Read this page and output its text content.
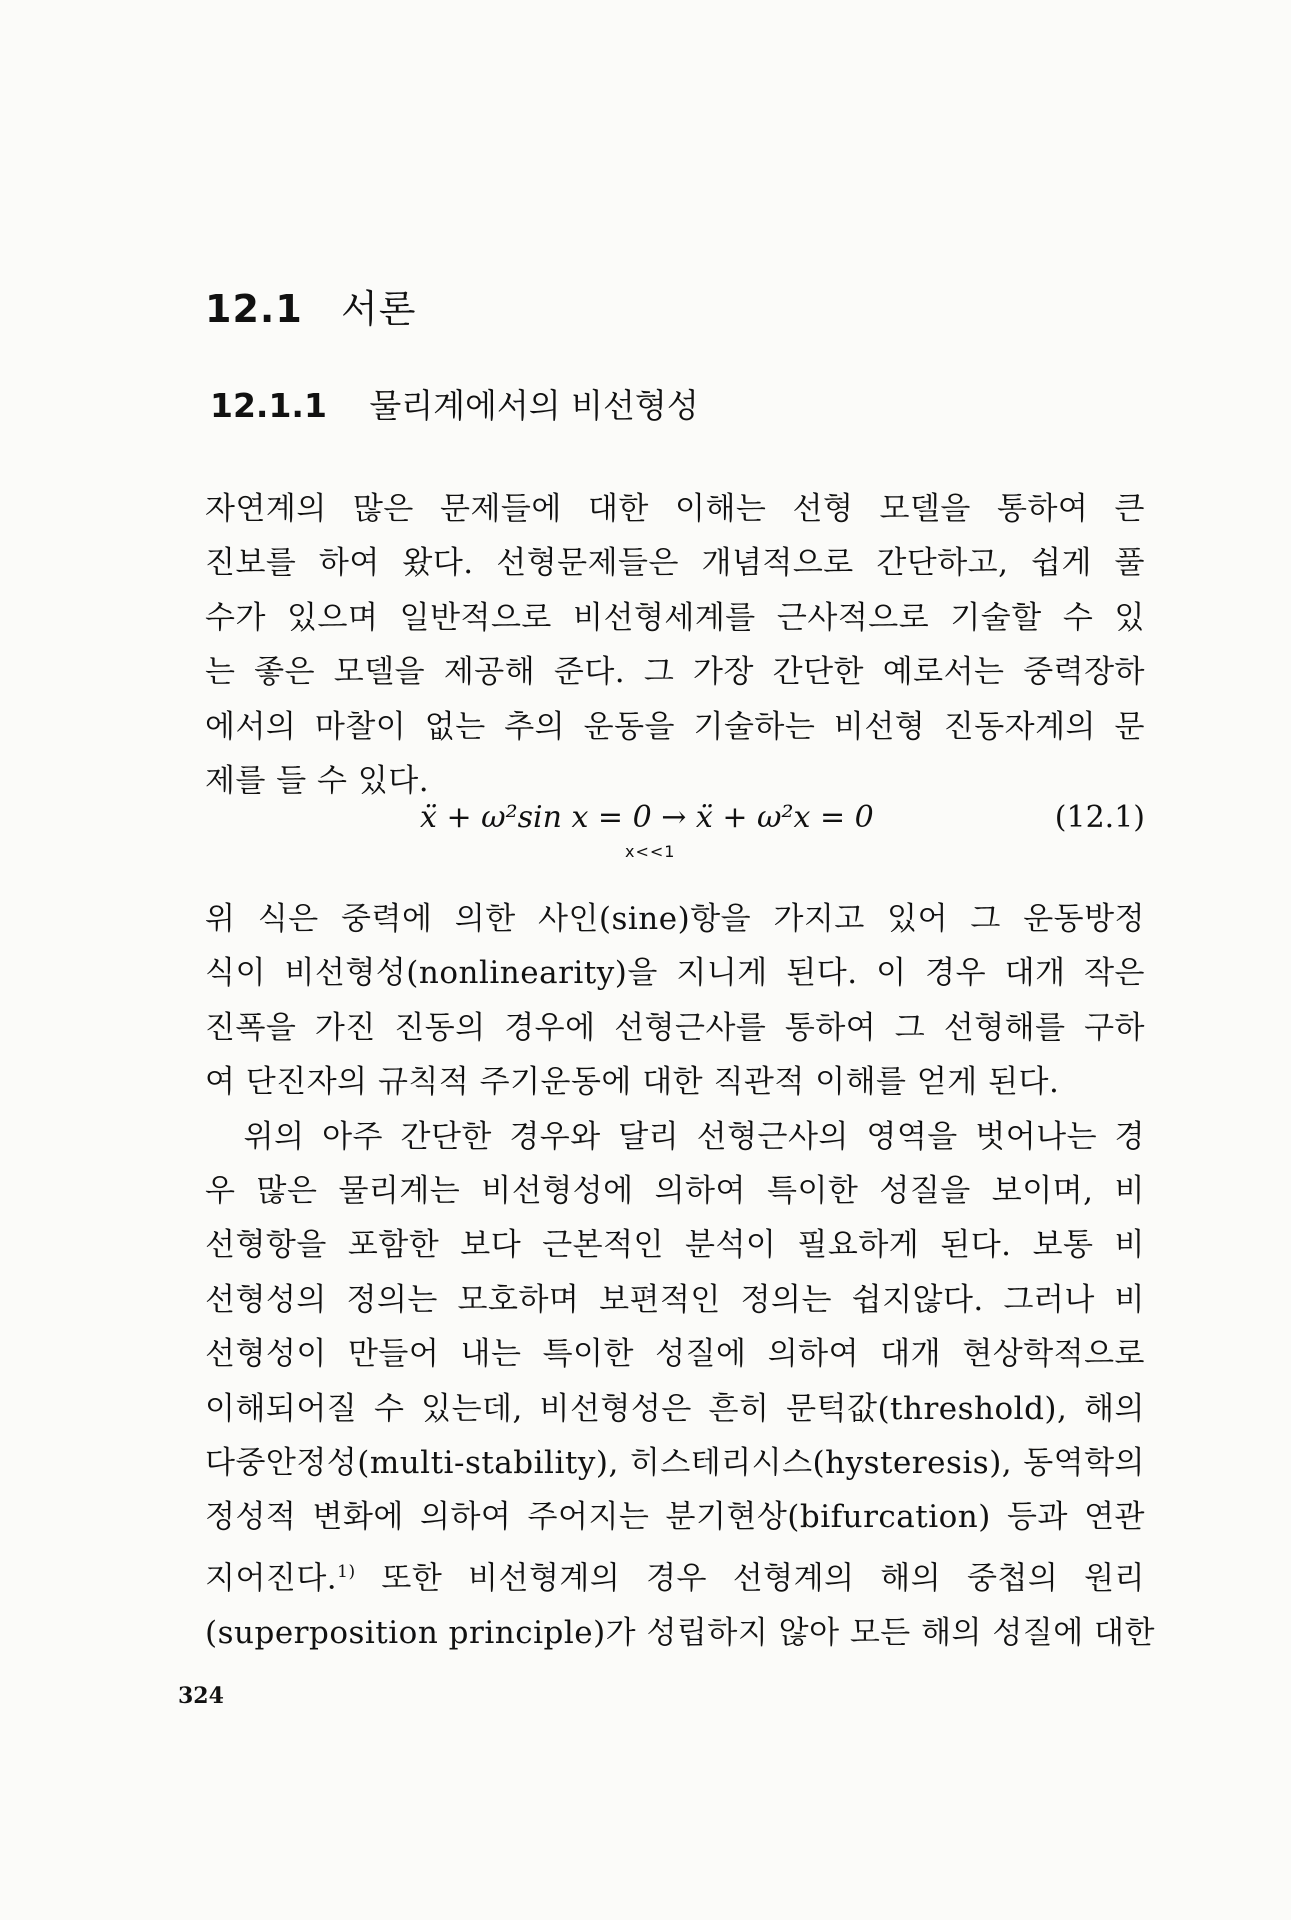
12.1 서론
12.1.1 물리계에서의 비선형성
자연계의 많은 문제들에 대한 이해는 선형 모델을 통하여 큰
진보를 하여 왔다. 선형문제들은 개념적으로 간단하고, 쉽게 풀
수가 있으며 일반적으로 비선형세계를 근사적으로 기술할 수 있
는 좋은 모델을 제공해 준다. 그 가장 간단한 예로서는 중력장하
에서의 마찰이 없는 추의 운동을 기술하는 비선형 진동자계의 문
제를 들 수 있다.
ẍ + ω²sin x = 0 → ẍ + ω²x = 0
x<<1
(12.1)
위 식은 중력에 의한 사인(sine)항을 가지고 있어 그 운동방정
식이 비선형성(nonlinearity)을 지니게 된다. 이 경우 대개 작은
진폭을 가진 진동의 경우에 선형근사를 통하여 그 선형해를 구하
여 단진자의 규칙적 주기운동에 대한 직관적 이해를 얻게 된다.
　위의 아주 간단한 경우와 달리 선형근사의 영역을 벗어나는 경
우 많은 물리계는 비선형성에 의하여 특이한 성질을 보이며, 비
선형항을 포함한 보다 근본적인 분석이 필요하게 된다. 보통 비
선형성의 정의는 모호하며 보편적인 정의는 쉽지않다. 그러나 비
선형성이 만들어 내는 특이한 성질에 의하여 대개 현상학적으로
이해되어질 수 있는데, 비선형성은 흔히 문턱값(threshold), 해의
다중안정성(multi-stability), 히스테리시스(hysteresis), 동역학의
정성적 변화에 의하여 주어지는 분기현상(bifurcation) 등과 연관
지어진다.$^{1)}$ 또한 비선형계의 경우 선형계의 해의 중첩의 원리
(superposition principle)가 성립하지 않아 모든 해의 성질에 대한
324
